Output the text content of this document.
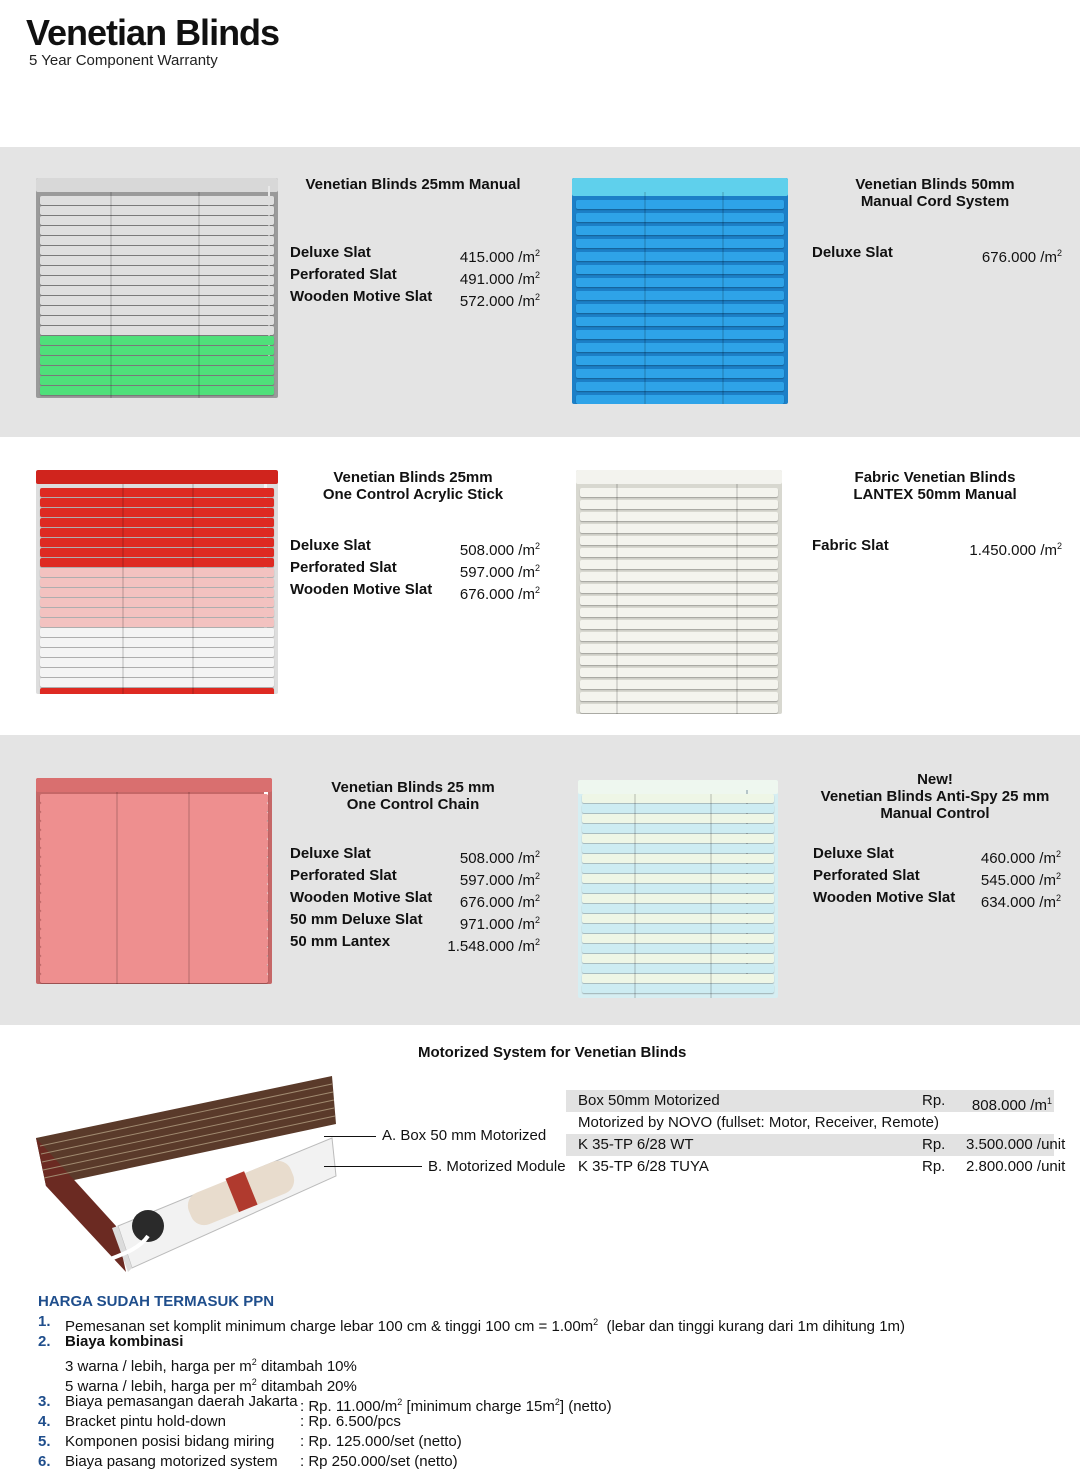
Venetian Blinds
5 Year Component Warranty
Venetian Blinds 25mm Manual
Deluxe Slat	415.000 $/m^2$
Perforated Slat	491.000 $/m^2$
Wooden Motive Slat 572.000 $/m^2$
Venetian Blinds 50mm
Manual Cord System
Deluxe Slat	676.000 $/m^2$
Venetian Blinds 25mm
One Control Acrylic Stick
Deluxe Slat	508.000 $/m^2$
Perforated Slat	597.000 $/m^2$
Wooden Motive Slat 676.000 $/m^2$
Fabric Venetian Blinds
LANTEX 50mm Manual
Fabric Slat	1.450.000 $/m^2$
Venetian Blinds 25 mm
One Control Chain
Deluxe Slat	508.000 $/m^2$
Perforated Slat	597.000 $/m^2$
Wooden Motive Slat 676.000 $/m^2$
50 mm Deluxe Slat 971.000 $/m^2$
50 mm Lantex	1.548.000 $/m^2$
New!
Venetian Blinds Anti-Spy 25 mm
Manual Control
Deluxe Slat	460.000 $/m^2$
Perforated Slat	545.000 $/m^2$
Wooden Motive Slat 634.000 $/m^2$
Motorized System for Venetian Blinds
A. Box 50 mm Motorized
B. Motorized Module
Box 50mm Motorized	Rp.	808.000 $/m^1$
Motorized by NOVO (fullset: Motor, Receiver, Remote)
K 35-TP 6/28 WT	Rp.	3.500.000 /unit
K 35-TP 6/28 TUYA	Rp.	2.800.000 /unit
HARGA SUDAH TERMASUK PPN
1. Pemesanan set komplit minimum charge lebar 100 cm & tinggi 100 cm = $1.00m^2$  (lebar dan tinggi kurang dari 1m dihitung 1m)
2. Biaya kombinasi
3 warna / lebih, harga per $m^2$ ditambah 10%
5 warna / lebih, harga per $m^2$ ditambah 20%
3. Biaya pemasangan daerah Jakarta : Rp. $11.000/m^2$ [minimum charge $15m^2$] (netto)
4. Bracket pintu hold-down	: Rp. 6.500/pcs
5. Komponen posisi bidang miring	: Rp. 125.000/set (netto)
6. Biaya pasang motorized system	: Rp 250.000/set (netto)
